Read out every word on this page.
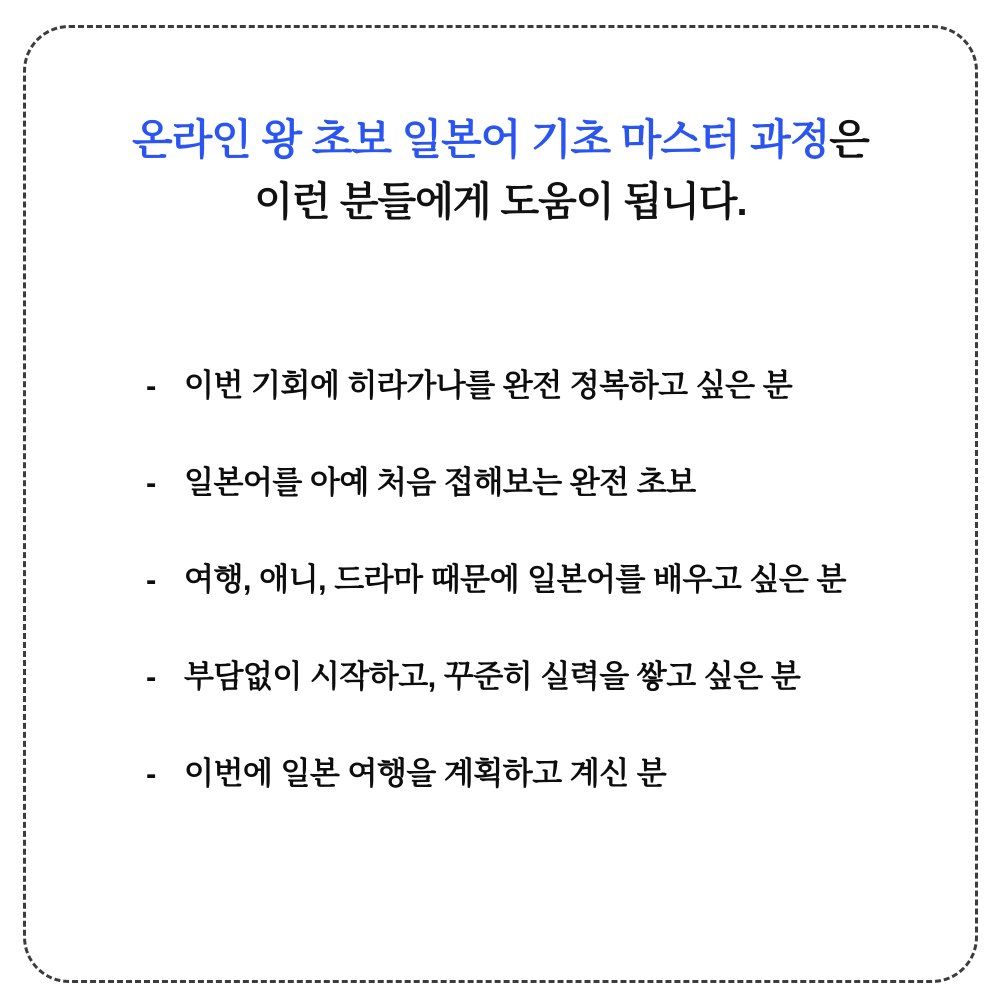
온라인 왕 초보 일본어 기초 마스터 과정은
이런 분들에게 도움이 됩니다.
- 이번 기회에 히라가나를 완전 정복하고 싶은 분
- 일본어를 아예 처음 접해보는 완전 초보
- 여행, 애니, 드라마 때문에 일본어를 배우고 싶은 분
- 부담없이 시작하고, 꾸준히 실력을 쌓고 싶은 분
- 이번에 일본 여행을 계획하고 계신 분
